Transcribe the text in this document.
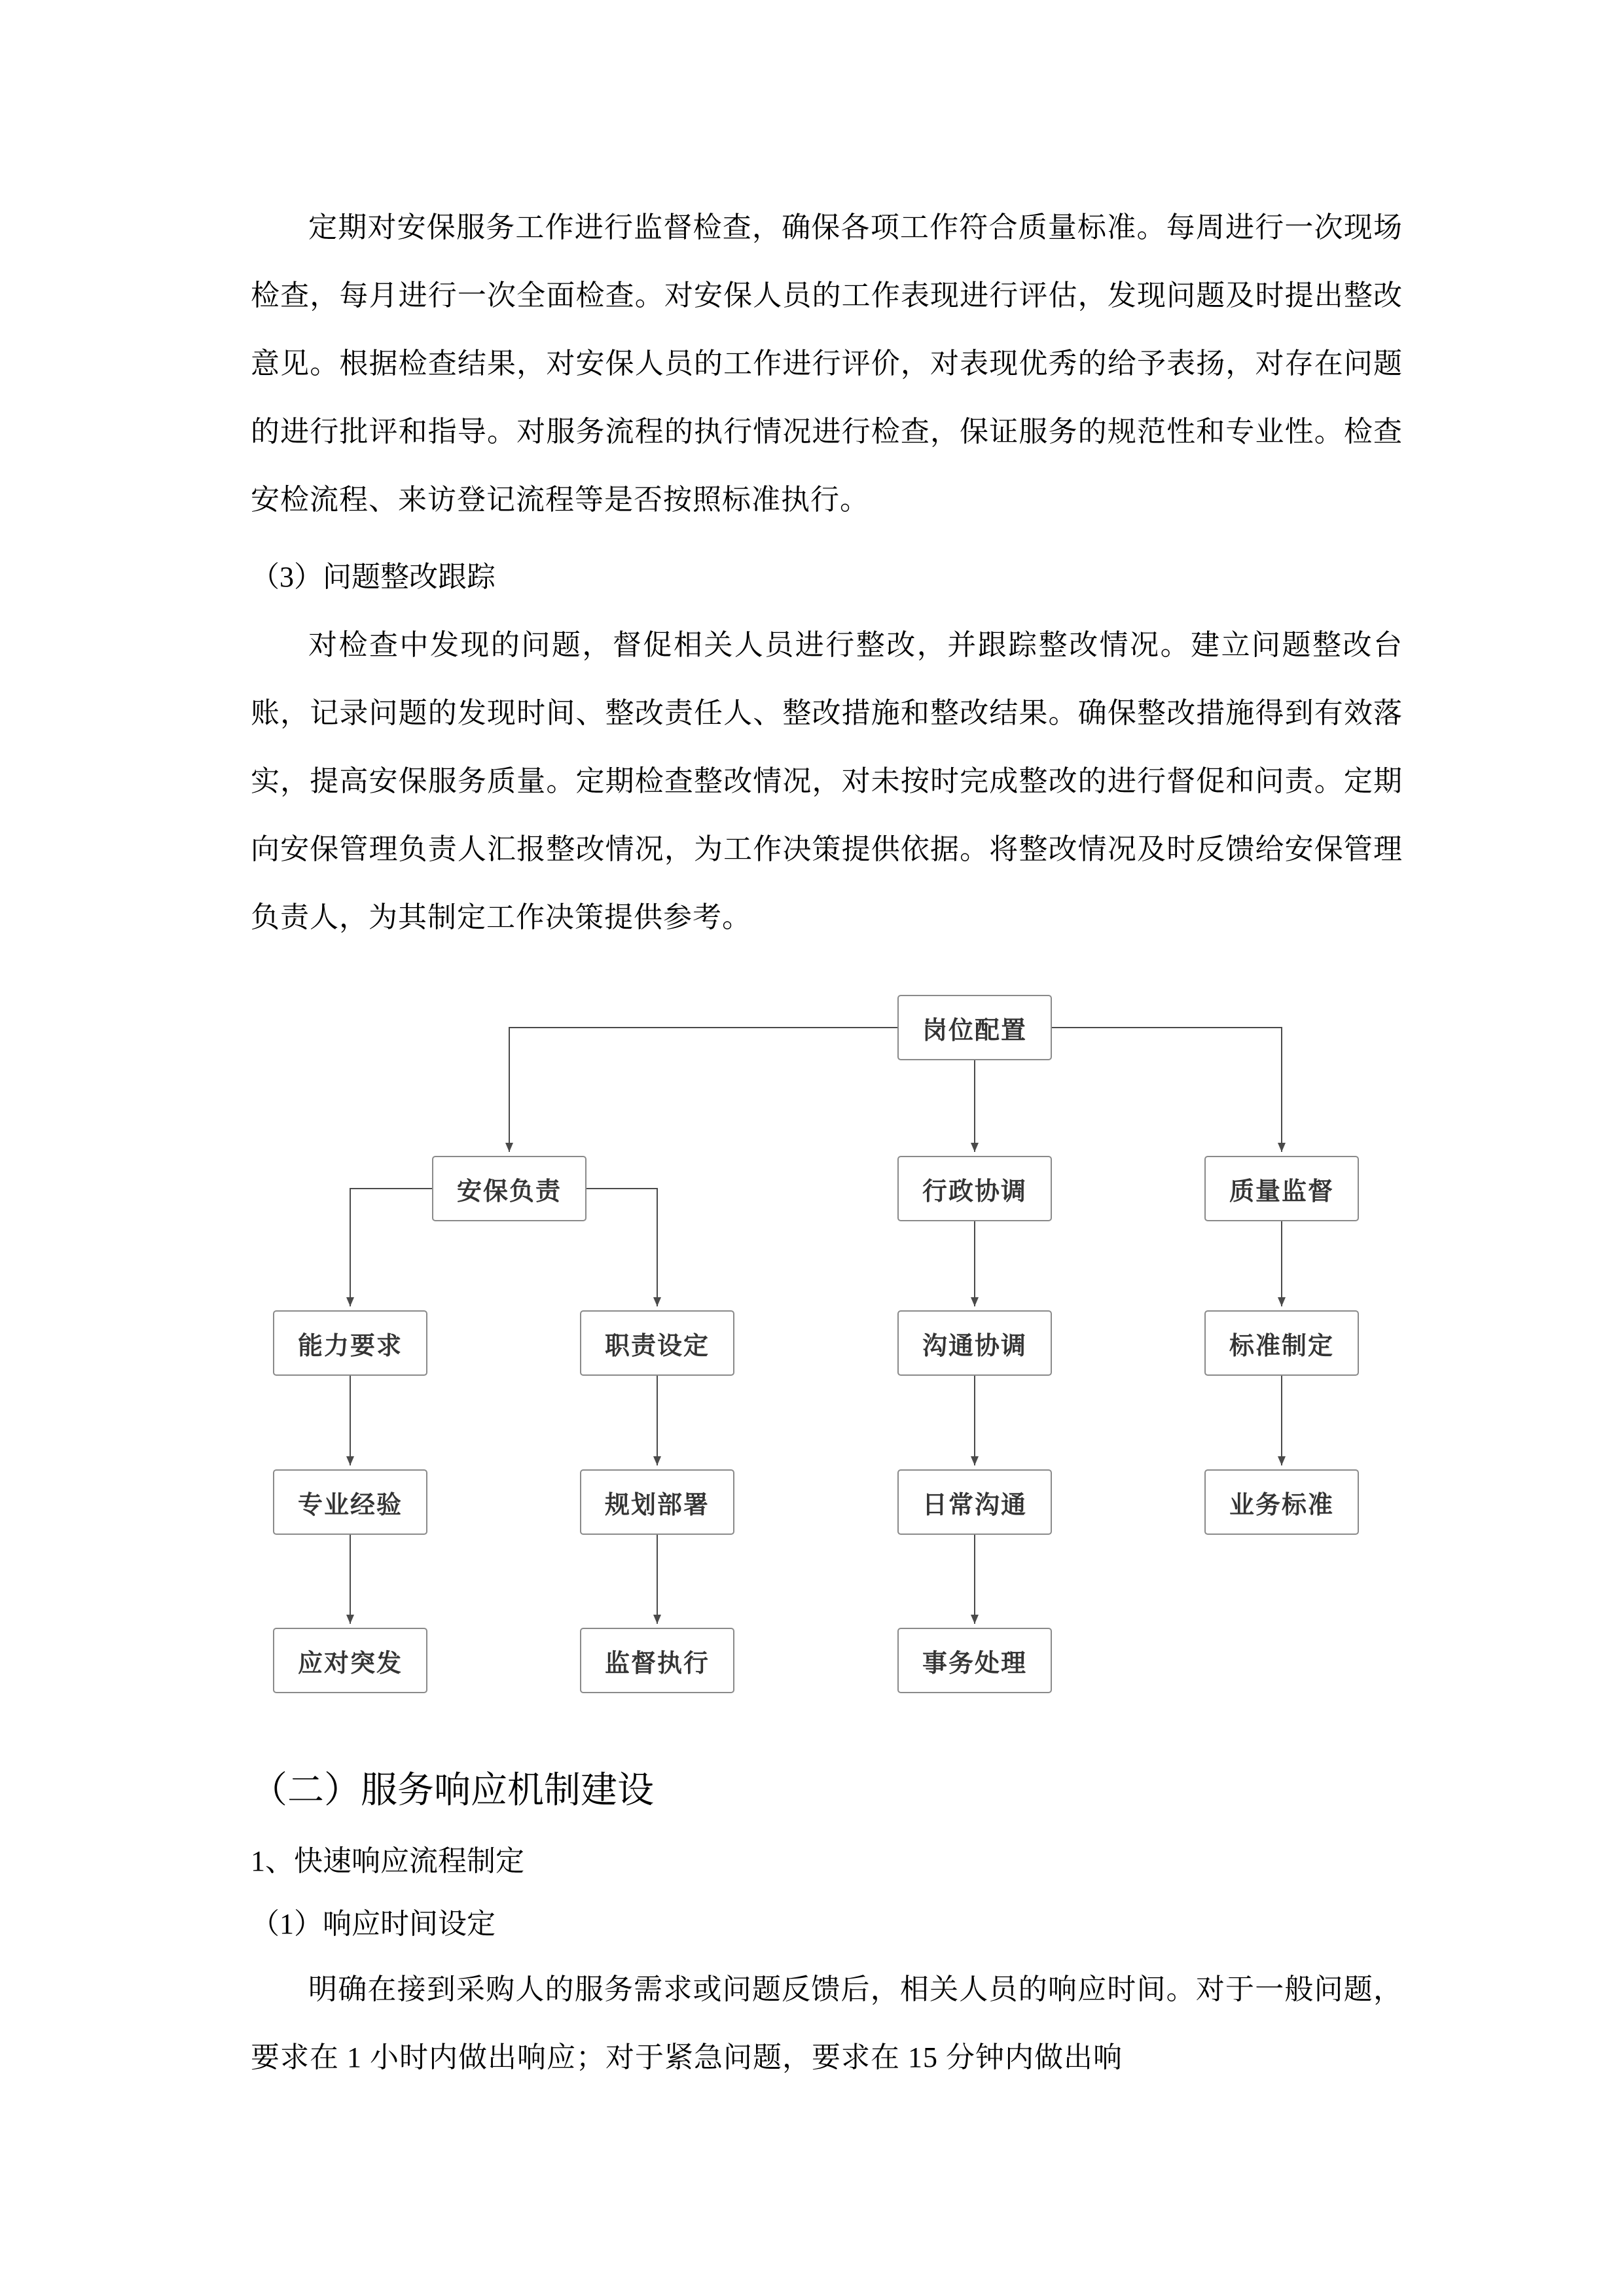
定期对安保服务工作进行监督检查，确保各项工作符合质量标准。每周进行一次现场检查，每月进行一次全面检查。对安保人员的工作表现进行评估，发现问题及时提出整改意见。根据检查结果，对安保人员的工作进行评价，对表现优秀的给予表扬，对存在问题的进行批评和指导。对服务流程的执行情况进行检查，保证服务的规范性和专业性。检查安检流程、来访登记流程等是否按照标准执行。

（3）问题整改跟踪

对检查中发现的问题，督促相关人员进行整改，并跟踪整改情况。建立问题整改台账，记录问题的发现时间、整改责任人、整改措施和整改结果。确保整改措施得到有效落实，提高安保服务质量。定期检查整改情况，对未按时完成整改的进行督促和问责。定期向安保管理负责人汇报整改情况，为工作决策提供依据。将整改情况及时反馈给安保管理负责人，为其制定工作决策提供参考。

岗位配置
安保负责	行政协调	质量监督
能力要求	职责设定	沟通协调	标准制定
专业经验	规划部署	日常沟通	业务标准
应对突发	监督执行	事务处理

（二）服务响应机制建设

1、快速响应流程制定

（1）响应时间设定

明确在接到采购人的服务需求或问题反馈后，相关人员的响应时间。对于一般问题，要求在 1 小时内做出响应；对于紧急问题，要求在 15 分钟内做出响
